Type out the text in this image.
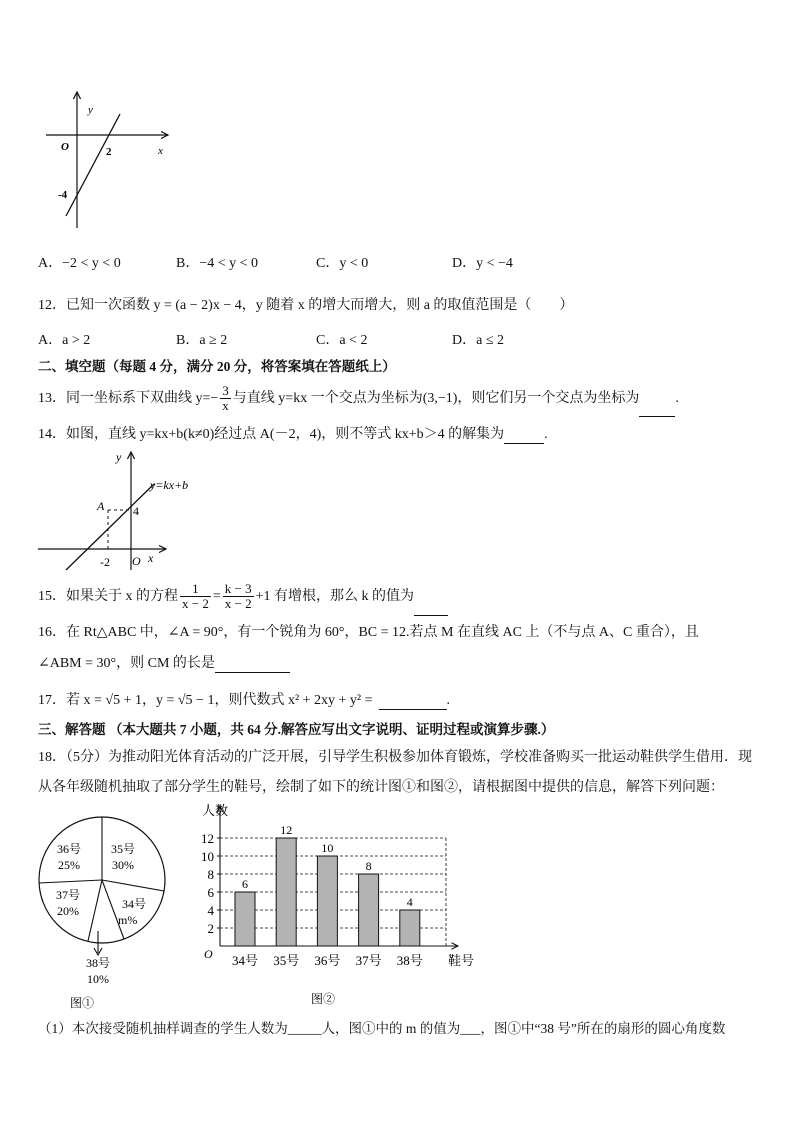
y
O	2	x
-4
A．−2 < y < 0	B．−4 < y < 0	C．y < 0	D．y < −4
12．已知一次函数 y = (a − 2)x − 4，y 随着 x 的增大而增大，则 a 的取值范围是（　　）
A．a > 2	B．a ≥ 2	C．a < 2	D．a ≤ 2
二、填空题（每题 4 分，满分 20 分，将答案填在答题纸上）
13．同一坐标系下双曲线 $y=- \frac{3}{x}$ 与直线 y=kx 一个交点为坐标为(3,−1)，则它们另一个交点为坐标为	.
14．如图，直线 y=kx+b(k≠0)经过点 A(－2，4)，则不等式 kx+b＞4 的解集为	.
y
y=kx+b
A 4
-2 O x
15．如果关于 x 的方程 $\frac{1}{x - 2} = \frac{k - 3}{x - 2} +1$ 有增根，那么 k 的值为
16．在 Rt△ABC 中，∠A = 90°，有一个锐角为 60°，BC = 12.若点 M 在直线 AC 上（不与点 A、C 重合），且
∠ABM = 30°，则 CM 的长是
17．若 x = √5 + 1，y = √5 − 1，则代数式 x² + 2xy + y² =	.
三、解答题 （本大题共 7 小题，共 64 分.解答应写出文字说明、证明过程或演算步骤.）
18．（5分）为推动阳光体育活动的广泛开展，引导学生积极参加体育锻炼，学校准备购买一批运动鞋供学生借用．现
从各年级随机抽取了部分学生的鞋号，绘制了如下的统计图①和图②，请根据图中提供的信息，解答下列问题：
36号
25%
35号
30%
34号
m%
37号
20%
38号
10%
图①
人数
鞋号
O
图②
2
4
6
8
10
12
6
34号
12
35号
10
36号
8
37号
4
38号
（1）本次接受随机抽样调查的学生人数为_____人，图①中的 m 的值为___，图①中“38 号”所在的扇形的圆心角度数
